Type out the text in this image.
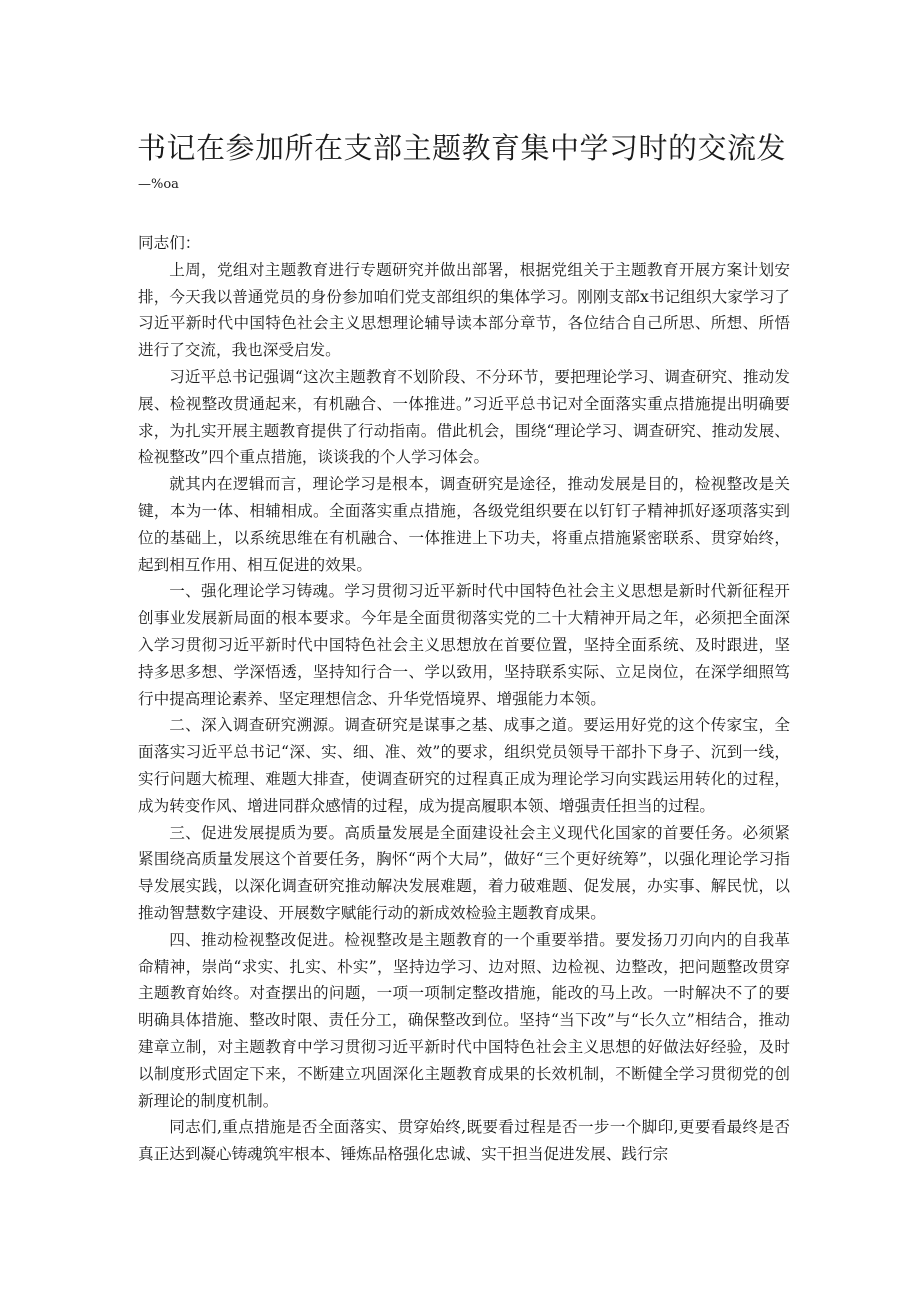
书记在参加所在支部主题教育集中学习时的交流发

—%oa

同志们：

上周，党组对主题教育进行专题研究并做出部署，根据党组关于主题教育开展方案计划安排，今天我以普通党员的身份参加咱们党支部组织的集体学习。刚刚支部x书记组织大家学习了习近平新时代中国特色社会主义思想理论辅导读本部分章节，各位结合自己所思、所想、所悟进行了交流，我也深受启发。

习近平总书记强调“这次主题教育不划阶段、不分环节，要把理论学习、调查研究、推动发展、检视整改贯通起来，有机融合、一体推进。”习近平总书记对全面落实重点措施提出明确要求，为扎实开展主题教育提供了行动指南。借此机会，围绕“理论学习、调查研究、推动发展、检视整改”四个重点措施，谈谈我的个人学习体会。

就其内在逻辑而言，理论学习是根本，调查研究是途径，推动发展是目的，检视整改是关键，本为一体、相辅相成。全面落实重点措施，各级党组织要在以钉钉子精神抓好逐项落实到位的基础上，以系统思维在有机融合、一体推进上下功夫，将重点措施紧密联系、贯穿始终，起到相互作用、相互促进的效果。

一、强化理论学习铸魂。学习贯彻习近平新时代中国特色社会主义思想是新时代新征程开创事业发展新局面的根本要求。今年是全面贯彻落实党的二十大精神开局之年，必须把全面深入学习贯彻习近平新时代中国特色社会主义思想放在首要位置，坚持全面系统、及时跟进，坚持多思多想、学深悟透，坚持知行合一、学以致用，坚持联系实际、立足岗位，在深学细照笃行中提高理论素养、坚定理想信念、升华党悟境界、增强能力本领。

二、深入调查研究溯源。调查研究是谋事之基、成事之道。要运用好党的这个传家宝，全面落实习近平总书记“深、实、细、准、效”的要求，组织党员领导干部扑下身子、沉到一线，实行问题大梳理、难题大排查，使调查研究的过程真正成为理论学习向实践运用转化的过程，成为转变作风、增进同群众感情的过程，成为提高履职本领、增强责任担当的过程。

三、促进发展提质为要。高质量发展是全面建设社会主义现代化国家的首要任务。必须紧紧围绕高质量发展这个首要任务，胸怀“两个大局”，做好“三个更好统筹”，以强化理论学习指导发展实践，以深化调查研究推动解决发展难题，着力破难题、促发展，办实事、解民忧，以推动智慧数字建设、开展数字赋能行动的新成效检验主题教育成果。

四、推动检视整改促进。检视整改是主题教育的一个重要举措。要发扬刀刃向内的自我革命精神，崇尚“求实、扎实、朴实”，坚持边学习、边对照、边检视、边整改，把问题整改贯穿主题教育始终。对查摆出的问题，一项一项制定整改措施，能改的马上改。一时解决不了的要明确具体措施、整改时限、责任分工，确保整改到位。坚持“当下改”与“长久立”相结合，推动建章立制，对主题教育中学习贯彻习近平新时代中国特色社会主义思想的好做法好经验，及时以制度形式固定下来，不断建立巩固深化主题教育成果的长效机制，不断健全学习贯彻党的创新理论的制度机制。

同志们,重点措施是否全面落实、贯穿始终,既要看过程是否一步一个脚印,更要看最终是否真正达到凝心铸魂筑牢根本、锤炼品格强化忠诚、实干担当促进发展、践行宗
